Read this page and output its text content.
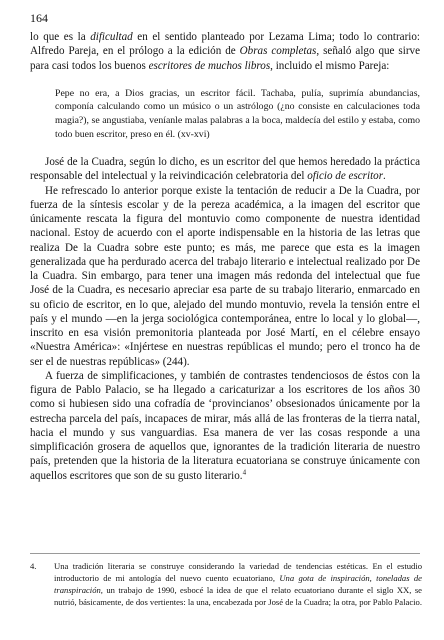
164

lo que es la dificultad en el sentido planteado por Lezama Lima; todo lo contrario: Alfredo Pareja, en el prólogo a la edición de Obras completas, señaló algo que sirve para casi todos los buenos escritores de muchos libros, incluido el mismo Pareja:

Pepe no era, a Dios gracias, un escritor fácil. Tachaba, pulía, suprimía abundancias, componía calculando como un músico o un astrólogo (¿no consiste en calculaciones toda magia?), se angustiaba, veníanle malas palabras a la boca, maldecía del estilo y estaba, como todo buen escritor, preso en él. (xv-xvi)

José de la Cuadra, según lo dicho, es un escritor del que hemos heredado la práctica responsable del intelectual y la reivindicación celebratoria del oficio de escritor.

He refrescado lo anterior porque existe la tentación de reducir a De la Cuadra, por fuerza de la síntesis escolar y de la pereza académica, a la imagen del escritor que únicamente rescata la figura del montuvio como componente de nuestra identidad nacional. Estoy de acuerdo con el aporte indispensable en la historia de las letras que realiza De la Cuadra sobre este punto; es más, me parece que esta es la imagen generalizada que ha perdurado acerca del trabajo literario e intelectual realizado por De la Cuadra. Sin embargo, para tener una imagen más redonda del intelectual que fue José de la Cuadra, es necesario apreciar esa parte de su trabajo literario, enmarcado en su oficio de escritor, en lo que, alejado del mundo montuvio, revela la tensión entre el país y el mundo —en la jerga sociológica contemporánea, entre lo local y lo global—, inscrito en esa visión premonitoria planteada por José Martí, en el célebre ensayo «Nuestra América»: «Injértese en nuestras repúblicas el mundo; pero el tronco ha de ser el de nuestras repúblicas» (244).

A fuerza de simplificaciones, y también de contrastes tendenciosos de éstos con la figura de Pablo Palacio, se ha llegado a caricaturizar a los escritores de los años 30 como si hubiesen sido una cofradía de ‘provincianos’ obsesionados únicamente por la estrecha parcela del país, incapaces de mirar, más allá de las fronteras de la tierra natal, hacia el mundo y sus vanguardias. Esa manera de ver las cosas responde a una simplificación grosera de aquellos que, ignorantes de la tradición literaria de nuestro país, pretenden que la historia de la literatura ecuatoriana se construye únicamente con aquellos escritores que son de su gusto literario.$^4$

4.	Una tradición literaria se construye considerando la variedad de tendencias estéticas. En el estudio introductorio de mi antología del nuevo cuento ecuatoriano, Una gota de inspiración, toneladas de transpiración, un trabajo de 1990, esbocé la idea de que el relato ecuatoriano durante el siglo XX, se nutrió, básicamente, de dos vertientes: la una, encabezada por José de la Cuadra; la otra, por Pablo Palacio.
